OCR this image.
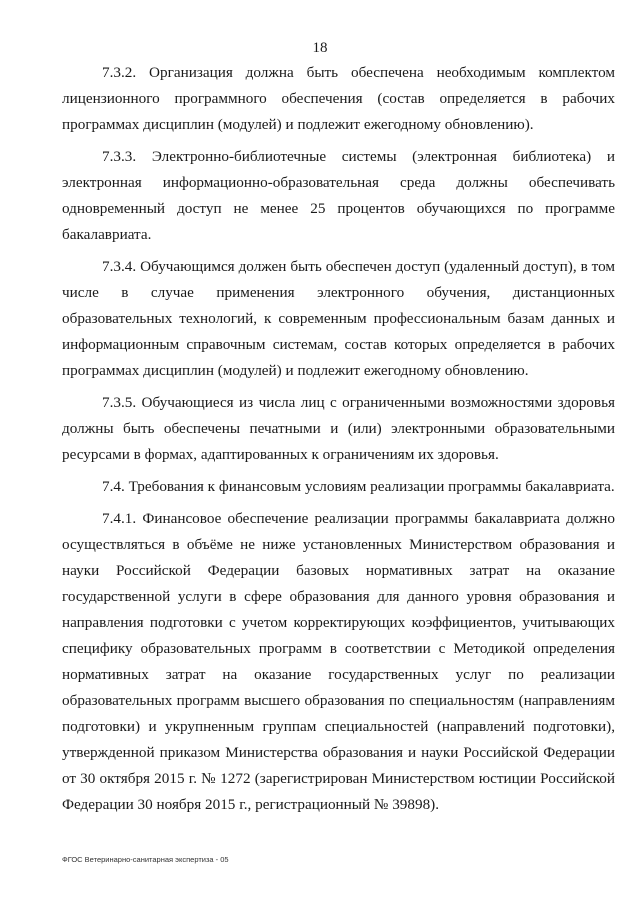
18

7.3.2. Организация должна быть обеспечена необходимым комплектом лицензионного программного обеспечения (состав определяется в рабочих программах дисциплин (модулей) и подлежит ежегодному обновлению).

7.3.3. Электронно-библиотечные системы (электронная библиотека) и электронная информационно-образовательная среда должны обеспечивать одновременный доступ не менее 25 процентов обучающихся по программе бакалавриата.

7.3.4. Обучающимся должен быть обеспечен доступ (удаленный доступ), в том числе в случае применения электронного обучения, дистанционных образовательных технологий, к современным профессиональным базам данных и информационным справочным системам, состав которых определяется в рабочих программах дисциплин (модулей) и подлежит ежегодному обновлению.

7.3.5. Обучающиеся из числа лиц с ограниченными возможностями здоровья должны быть обеспечены печатными и (или) электронными образовательными ресурсами в формах, адаптированных к ограничениям их здоровья.

7.4. Требования к финансовым условиям реализации программы бакалавриата.

7.4.1. Финансовое обеспечение реализации программы бакалавриата должно осуществляться в объёме не ниже установленных Министерством образования и науки Российской Федерации базовых нормативных затрат на оказание государственной услуги в сфере образования для данного уровня образования и направления подготовки с учетом корректирующих коэффициентов, учитывающих специфику образовательных программ в соответствии с Методикой определения нормативных затрат на оказание государственных услуг по реализации образовательных программ высшего образования по специальностям (направлениям подготовки) и укрупненным группам специальностей (направлений подготовки), утвержденной приказом Министерства образования и науки Российской Федерации от 30 октября 2015 г. № 1272 (зарегистрирован Министерством юстиции Российской Федерации 30 ноября 2015 г., регистрационный № 39898).

ФГОС Ветеринарно-санитарная экспертиза - 05
